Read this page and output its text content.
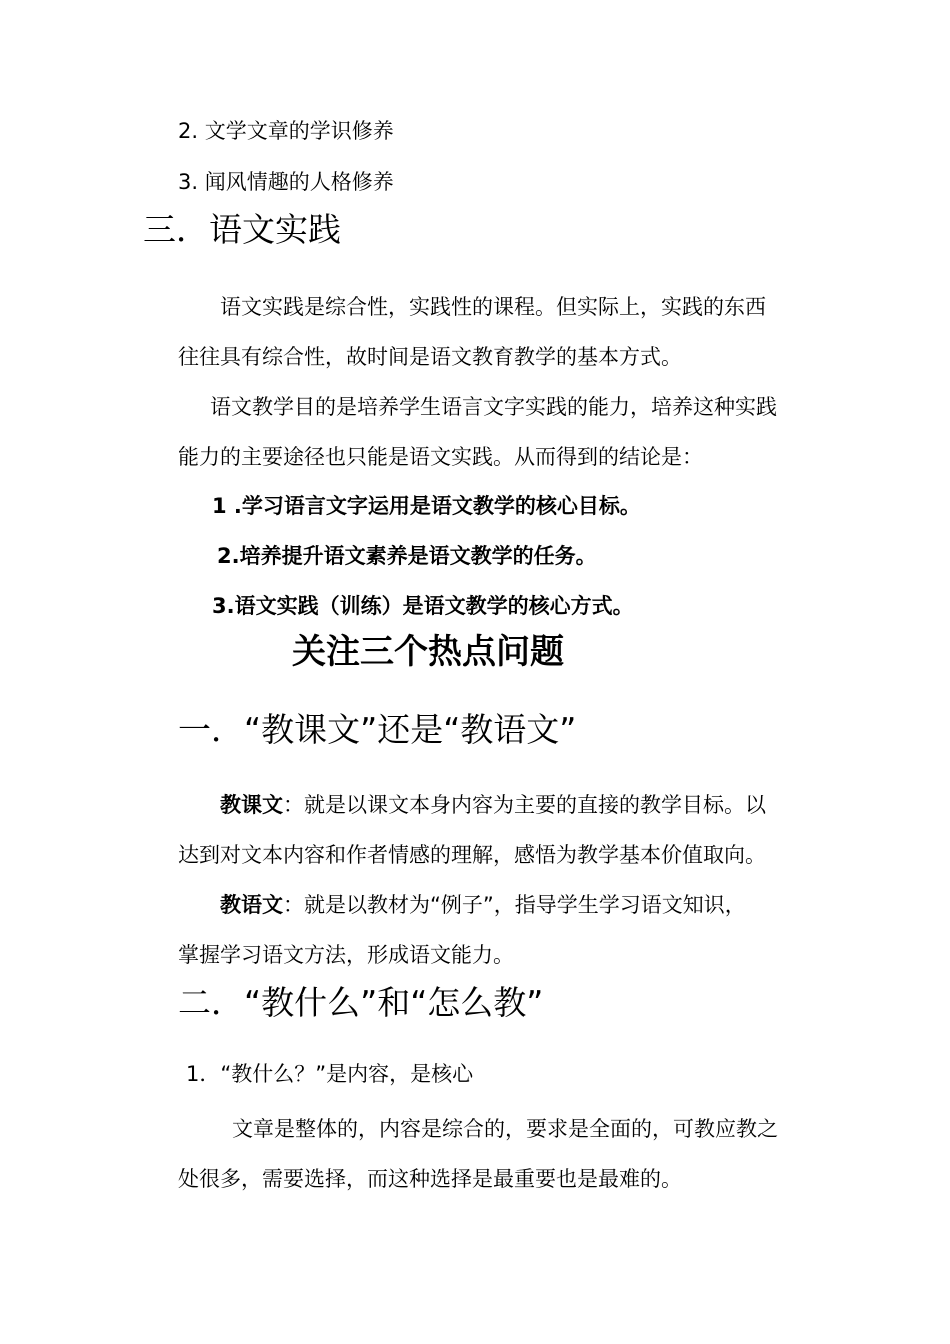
2. 文学文章的学识修养
3. 闻风情趣的人格修养
三．语文实践
语文实践是综合性，实践性的课程。但实际上，实践的东西
往往具有综合性，故时间是语文教育教学的基本方式。
语文教学目的是培养学生语言文字实践的能力，培养这种实践
能力的主要途径也只能是语文实践。从而得到的结论是：
1 .学习语言文字运用是语文教学的核心目标。
2.培养提升语文素养是语文教学的任务。
3.语文实践（训练）是语文教学的核心方式。
关注三个热点问题
一．“教课文”还是“教语文”
教课文：就是以课文本身内容为主要的直接的教学目标。以
达到对文本内容和作者情感的理解，感悟为教学基本价值取向。
教语文：就是以教材为“例子”，指导学生学习语文知识，
掌握学习语文方法，形成语文能力。
二．“教什么”和“怎么教”
1．“教什么？”是内容，是核心
文章是整体的，内容是综合的，要求是全面的，可教应教之
处很多，需要选择，而这种选择是最重要也是最难的。
